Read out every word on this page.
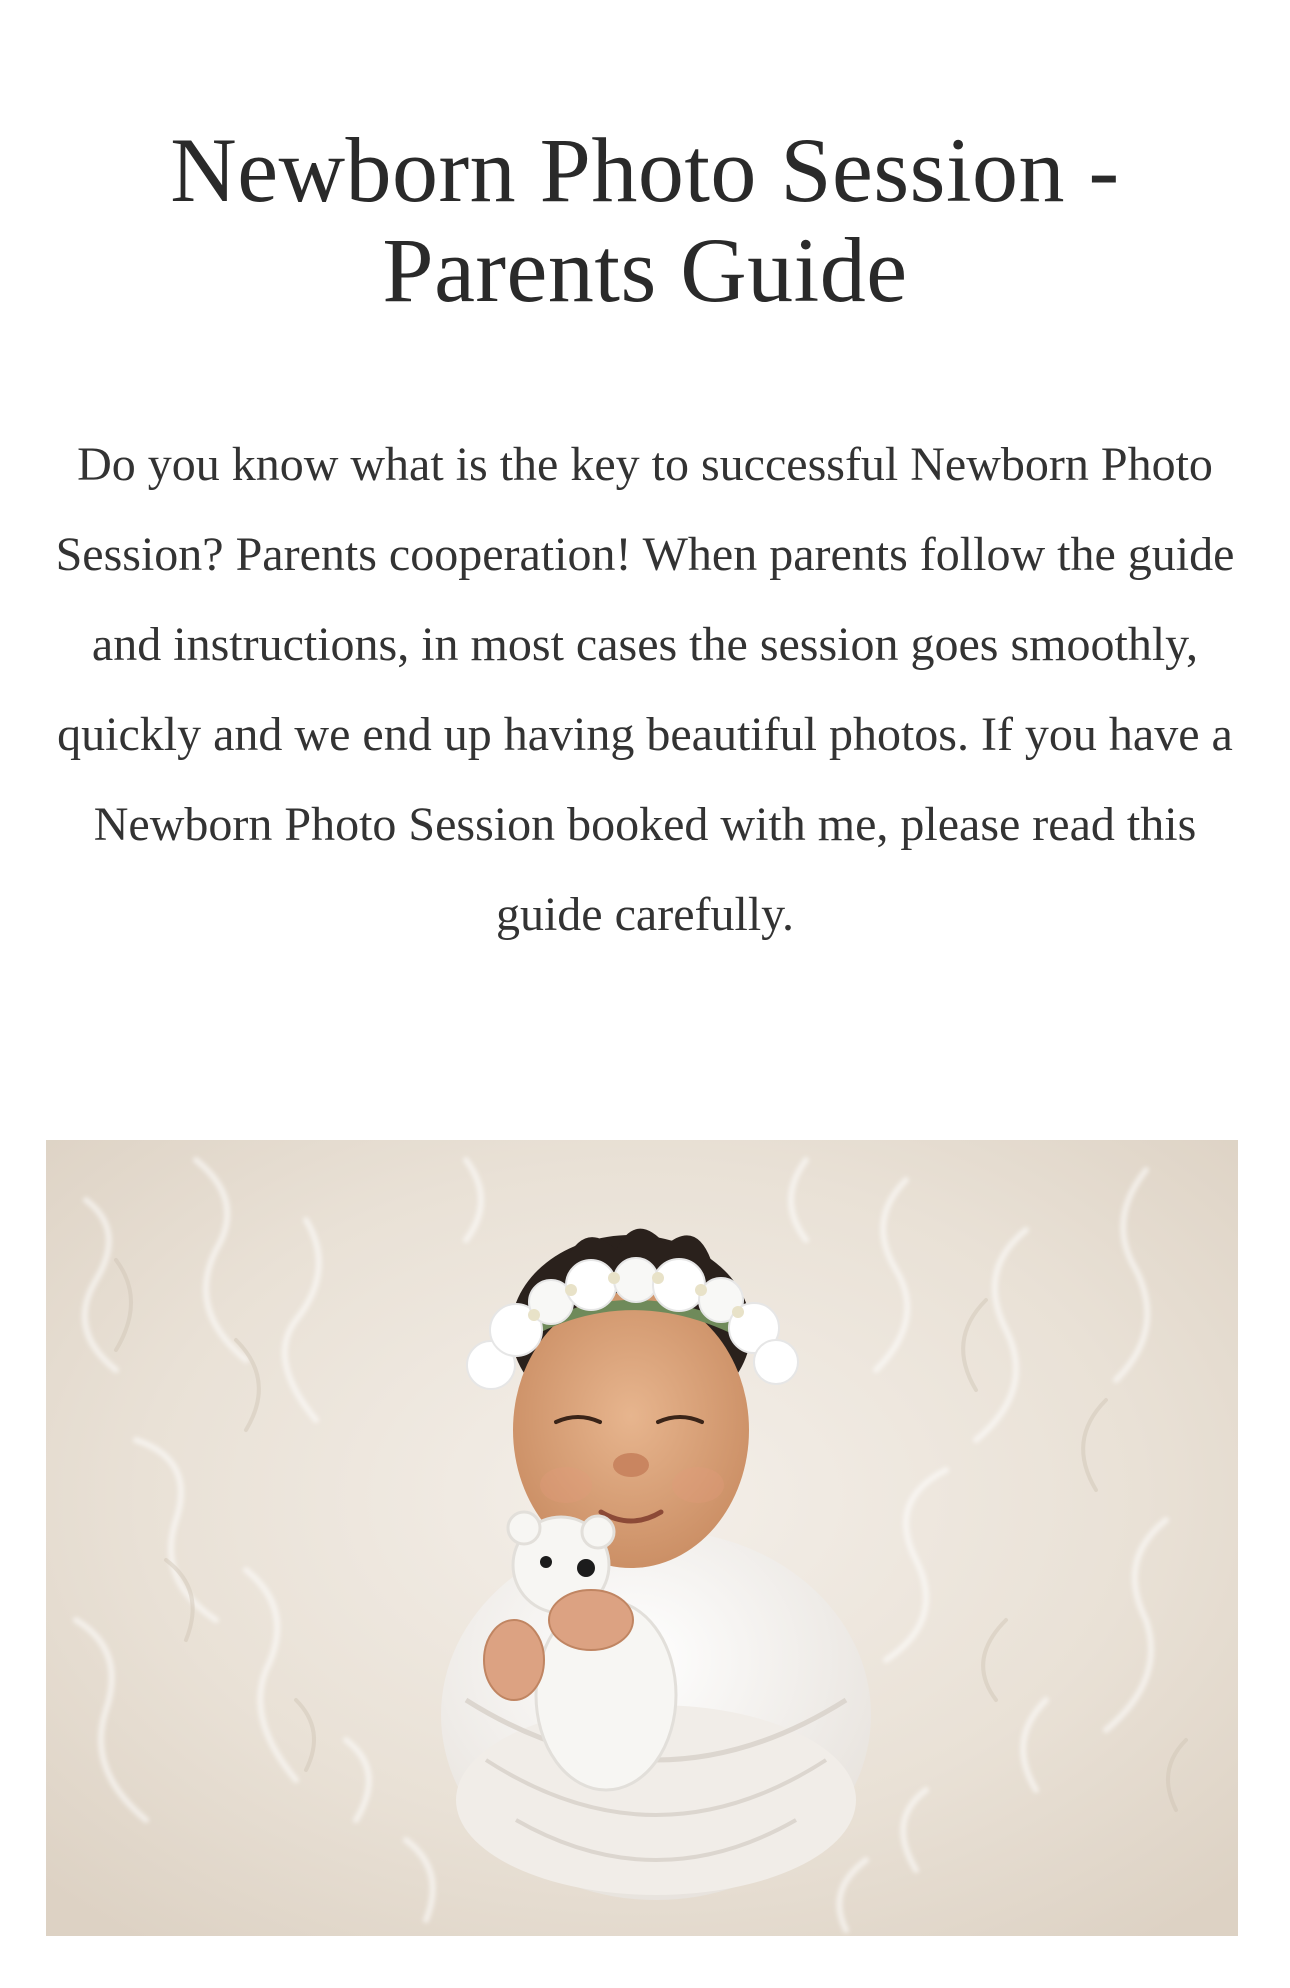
Newborn Photo Session - Parents Guide

Do you know what is the key to successful Newborn Photo Session? Parents cooperation! When parents follow the guide and instructions, in most cases the session goes smoothly, quickly and we end up having beautiful photos. If you have a Newborn Photo Session booked with me, please read this guide carefully.
